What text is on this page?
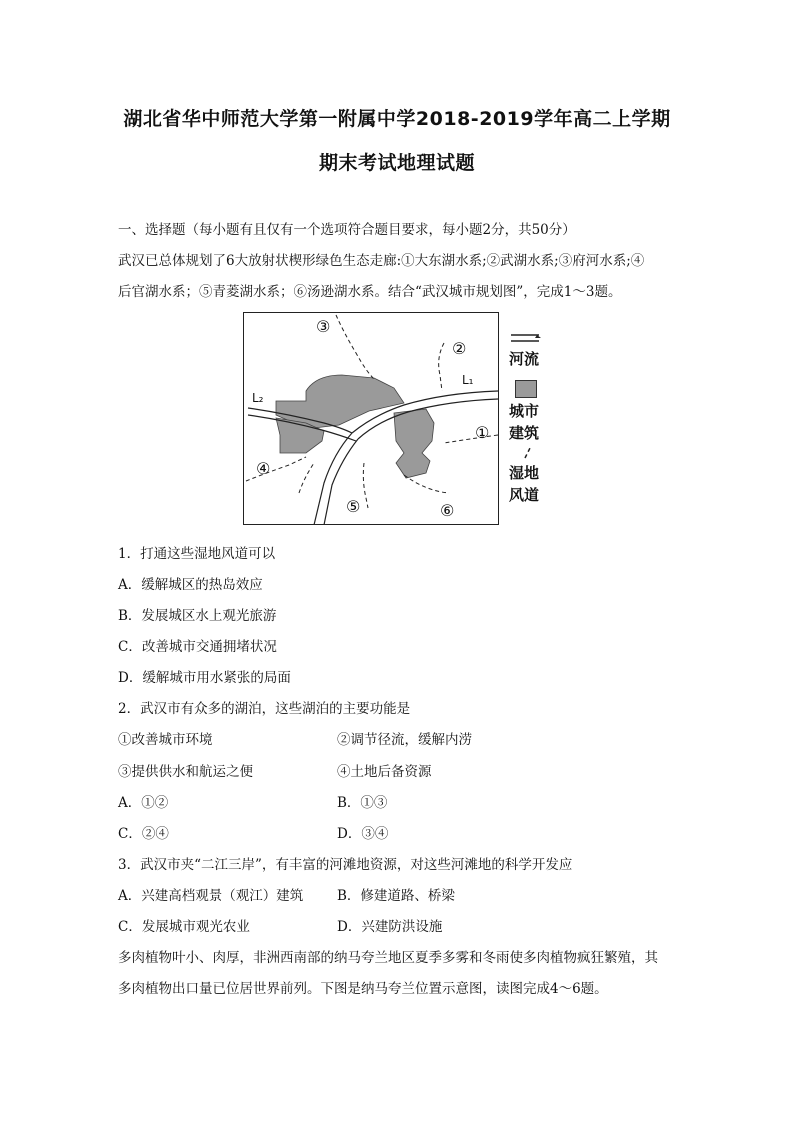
湖北省华中师范大学第一附属中学2018-2019学年高二上学期
期末考试地理试题
一、选择题（每小题有且仅有一个选项符合题目要求，每小题2分，共50分）
武汉已总体规划了6大放射状楔形绿色生态走廊:①大东湖水系;②武湖水系;③府河水系;④
后官湖水系；⑤青菱湖水系；⑥汤逊湖水系。结合“武汉城市规划图”，完成1～3题。
③
②
①
④
⑤	⑥
L₁
L₂
河流
城市
建筑
湿地
风道
1．打通这些湿地风道可以
A．缓解城区的热岛效应
B．发展城区水上观光旅游
C．改善城市交通拥堵状况
D．缓解城市用水紧张的局面
2．武汉市有众多的湖泊，这些湖泊的主要功能是
①改善城市环境	②调节径流，缓解内涝
③提供供水和航运之便	④土地后备资源
A．①②	B．①③
C．②④	D．③④
3．武汉市夹“二江三岸”，有丰富的河滩地资源，对这些河滩地的科学开发应
A．兴建高档观景（观江）建筑	B．修建道路、桥梁
C．发展城市观光农业	D．兴建防洪设施
多肉植物叶小、肉厚，非洲西南部的纳马夸兰地区夏季多雾和冬雨使多肉植物疯狂繁殖，其
多肉植物出口量已位居世界前列。下图是纳马夸兰位置示意图，读图完成4～6题。
